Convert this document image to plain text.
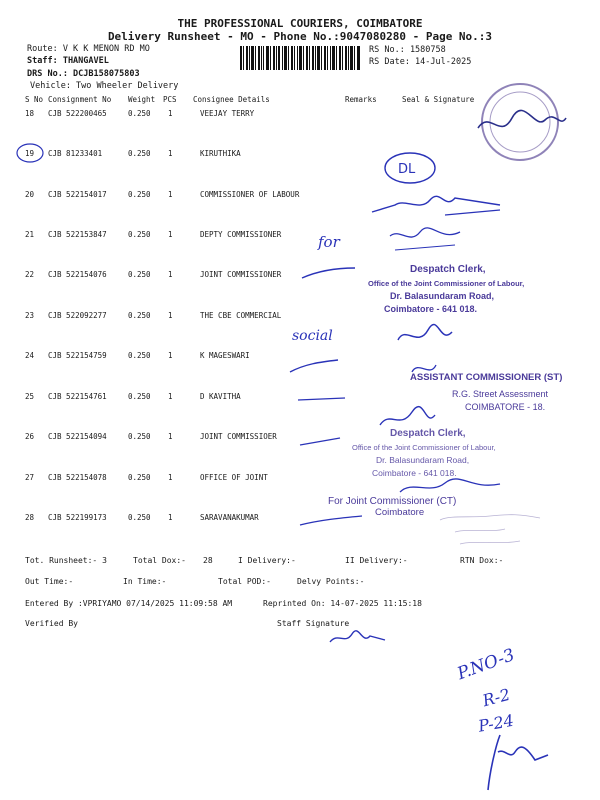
THE PROFESSIONAL COURIERS, COIMBATORE
Delivery Runsheet - MO - Phone No.:9047080280 - Page No.:3
Route: V K K MENON RD MO
Staff: THANGAVEL
DRS No.: DCJB158075803
Vehicle: Two Wheeler Delivery
RS No.: 1580758
RS Date: 14-Jul-2025
S No Consignment No Weight PCS Consignee Details	Remarks	Seal & Signature
18 CJB 522200465	0.250 1	VEEJAY TERRY
19 CJB 81233401	0.250 1	KIRUTHIKA
20 CJB 522154017	0.250 1	COMMISSIONER OF LABOUR
21 CJB 522153847	0.250 1	DEPTY COMMISSIONER
22 CJB 522154076	0.250 1	JOINT COMMISSIONER
23 CJB 522092277	0.250 1	THE CBE COMMERCIAL
24 CJB 522154759	0.250 1	K MAGESWARI
25 CJB 522154761	0.250 1	D KAVITHA
26 CJB 522154094	0.250 1	JOINT COMMISSIOER
27 CJB 522154078	0.250 1	OFFICE OF JOINT
28 CJB 522199173	0.250 1	SARAVANAKUMAR
Tot. Runsheet:- 3	Total Dox:- 28	I Delivery:-	II Delivery:-	RTN Dox:-
Out Time:-	In Time:-	Total POD:-	Delvy Points:-
Entered By :VPRIYAMO 07/14/2025 11:09:58 AM	Reprinted On: 14-07-2025 11:15:18
Verified By	Staff Signature
DL
for
Despatch Clerk,
Office of the Joint Commissioner of Labour,
Dr. Balasundaram Road,
Coimbatore - 641 018.
social
ASSISTANT COMMISSIONER (ST)
R.G. Street Assessment
COIMBATORE - 18.
Despatch Clerk,
Office of the Joint Commissioner of Labour,
Dr. Balasundaram Road,
Coimbatore - 641 018.
For Joint Commissioner (CT)
Coimbatore
P.NO-3
R-2
P-24
